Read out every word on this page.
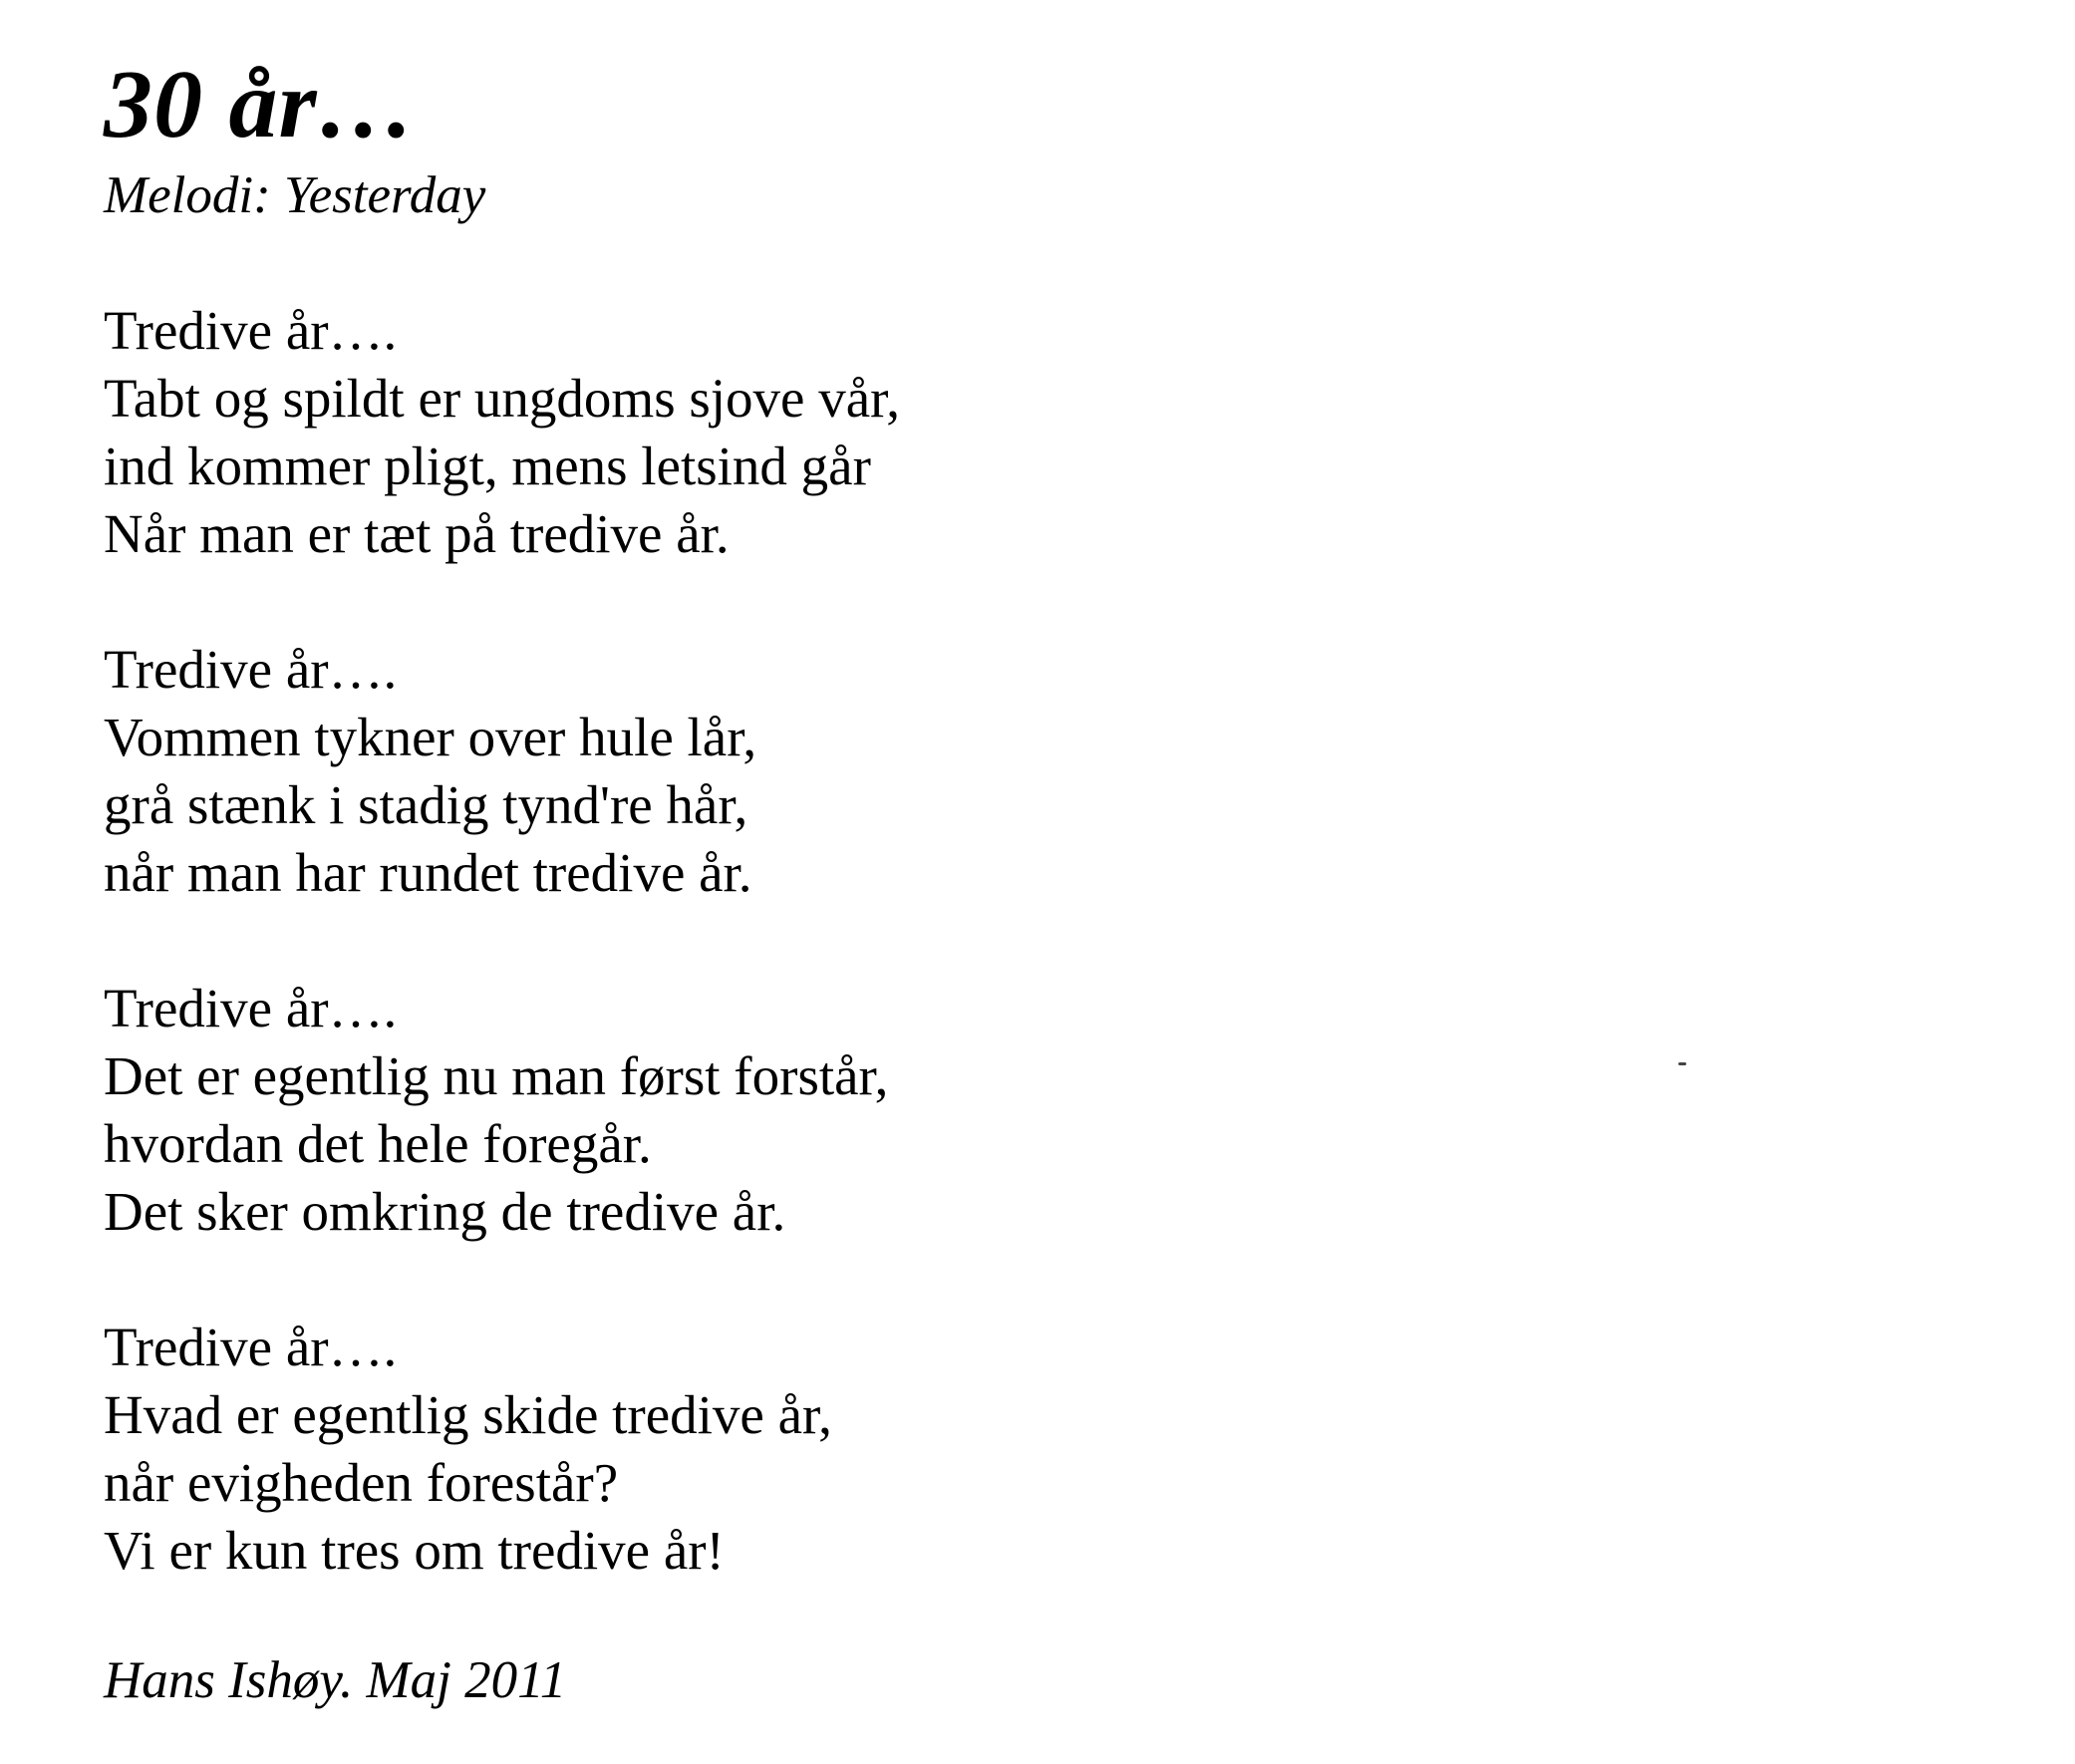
30 år…
Melodi: Yesterday
Tredive år….
Tabt og spildt er ungdoms sjove vår,
ind kommer pligt, mens letsind går
Når man er tæt på tredive år.
Tredive år….
Vommen tykner over hule lår,
grå stænk i stadig tynd're hår,
når man har rundet tredive år.
Tredive år….
Det er egentlig nu man først forstår,
hvordan det hele foregår.
Det sker omkring de tredive år.
Tredive år….
Hvad er egentlig skide tredive år,
når evigheden forestår?
Vi er kun tres om tredive år!
Hans Ishøy. Maj 2011
